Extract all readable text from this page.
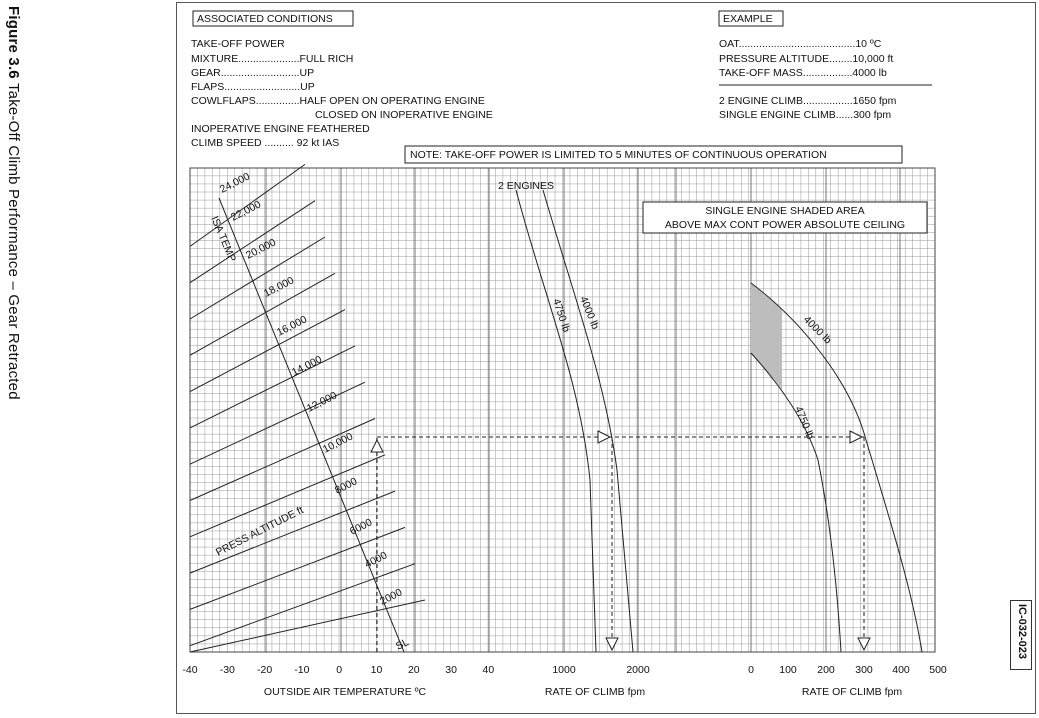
Figure 3.6 Take-Off Climb Performance – Gear Retracted
IC-032-023
-40 -30 -20 -10	0	10 20 30 40
ISA TEMP
24,000
22,000
20,000
18,000
16,000
14,000
12,000
10,000
8000
6000
4000
2000
SL
PRESS ALTITUDE ft
1000	2000
4750 lb 4000 lb
0 100 200 300 400 500
4000 lb
4750 lb
ASSOCIATED CONDITIONS
TAKE-OFF POWER
MIXTURE.....................FULL RICH
GEAR...........................UP
FLAPS..........................UP
COWLFLAPS...............HALF OPEN ON OPERATING ENGINE
CLOSED ON INOPERATIVE ENGINE
INOPERATIVE ENGINE FEATHERED
CLIMB SPEED .......... 92 kt IAS
EXAMPLE
OAT........................................10 ºC
PRESSURE ALTITUDE........10,000 ft
TAKE-OFF MASS.................4000 lb
2 ENGINE CLIMB.................1650 fpm
SINGLE ENGINE CLIMB......300 fpm
NOTE: TAKE-OFF POWER IS LIMITED TO 5 MINUTES OF CONTINUOUS OPERATION
SINGLE ENGINE SHADED AREA
ABOVE MAX CONT POWER ABSOLUTE CEILING
OUTSIDE AIR TEMPERATURE ºC	RATE OF CLIMB fpm	RATE OF CLIMB fpm
2 ENGINES
